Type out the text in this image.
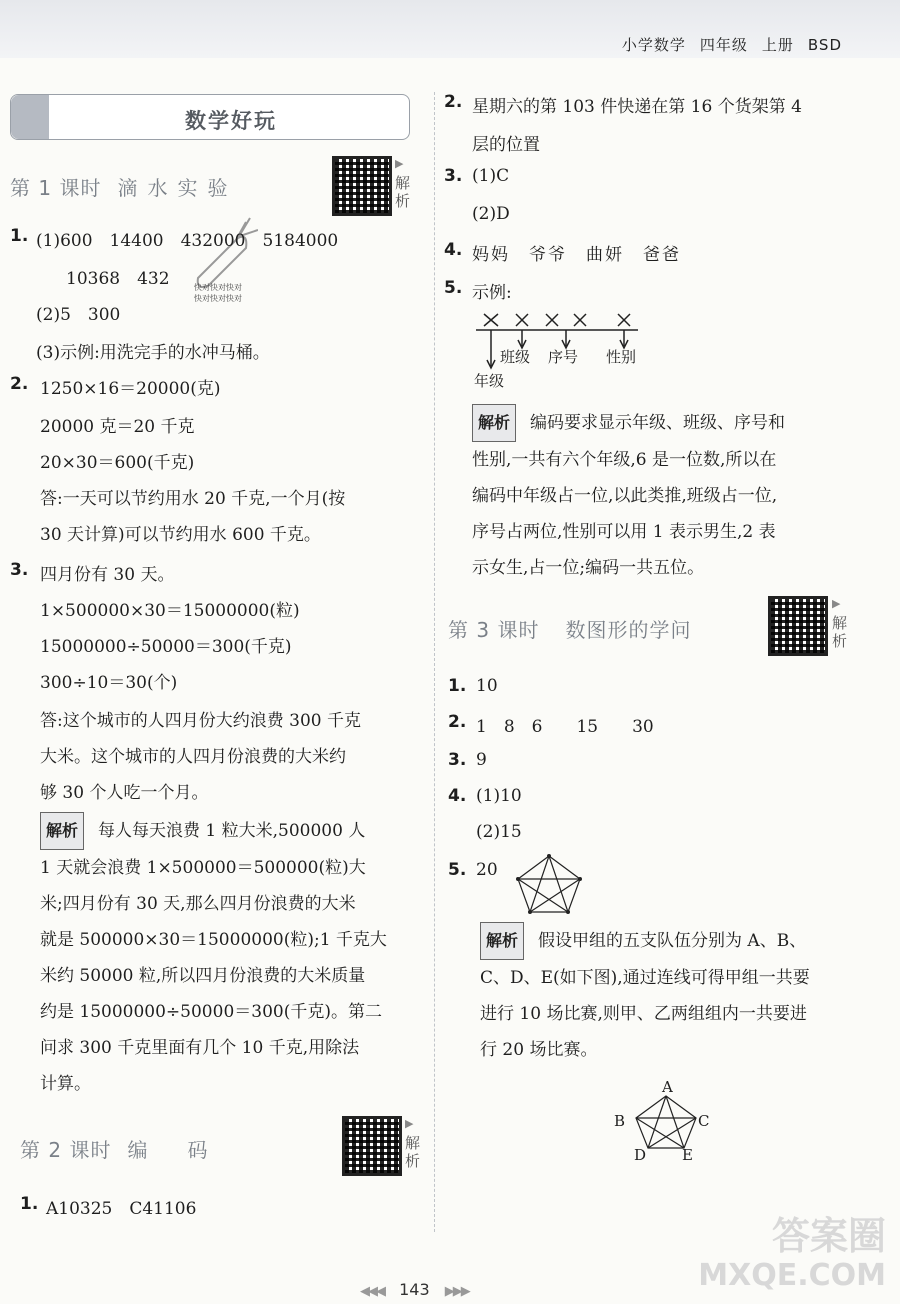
小学数学 四年级 上册 BSD
数学好玩
第 1 课时 滴水实验
▶
解析
快对快对快对
快对快对快对
1. (1)600　14400　432000　5184000
10368　432
(2)5　300
(3)示例:用洗完手的水冲马桶。
2. 1250×16＝20000(克)
20000 克＝20 千克
20×30＝600(千克)
答:一天可以节约用水 20 千克,一个月(按
30 天计算)可以节约用水 600 千克。
3. 四月份有 30 天。
1×500000×30＝15000000(粒)
15000000÷50000＝300(千克)
300÷10＝30(个)
答:这个城市的人四月份大约浪费 300 千克
大米。这个城市的人四月份浪费的大米约
够 30 个人吃一个月。
解析 每人每天浪费 1 粒大米,500000 人
1 天就会浪费 1×500000＝500000(粒)大
米;四月份有 30 天,那么四月份浪费的大米
就是 500000×30＝15000000(粒);1 千克大
米约 50000 粒,所以四月份浪费的大米质量
约是 15000000÷50000＝300(千克)。第二
问求 300 千克里面有几个 10 千克,用除法
计算。
第 2 课时 编码
▶
解析
1. A10325　C41106
2. 星期六的第 103 件快递在第 16 个货架第 4
层的位置
3. (1)C
(2)D
4. 妈妈　爷爷　曲妍　爸爸
5. 示例:
班级 序号 性别
年级
解析 编码要求显示年级、班级、序号和
性别,一共有六个年级,6 是一位数,所以在
编码中年级占一位,以此类推,班级占一位,
序号占两位,性别可以用 1 表示男生,2 表
示女生,占一位;编码一共五位。
第 3 课时 数图形的学问
▶
解析
1. 10
2. 1　8　6　　15　　30
3. 9
4. (1)10
(2)15
5. 20
解析 假设甲组的五支队伍分别为 A、B、
C、D、E(如下图),通过连线可得甲组一共要
进行 10 场比赛,则甲、乙两组组内一共要进
行 20 场比赛。
A
B	C
D E
◀◀◀ 143 ▶▶▶
答案圈
MXQE.COM
